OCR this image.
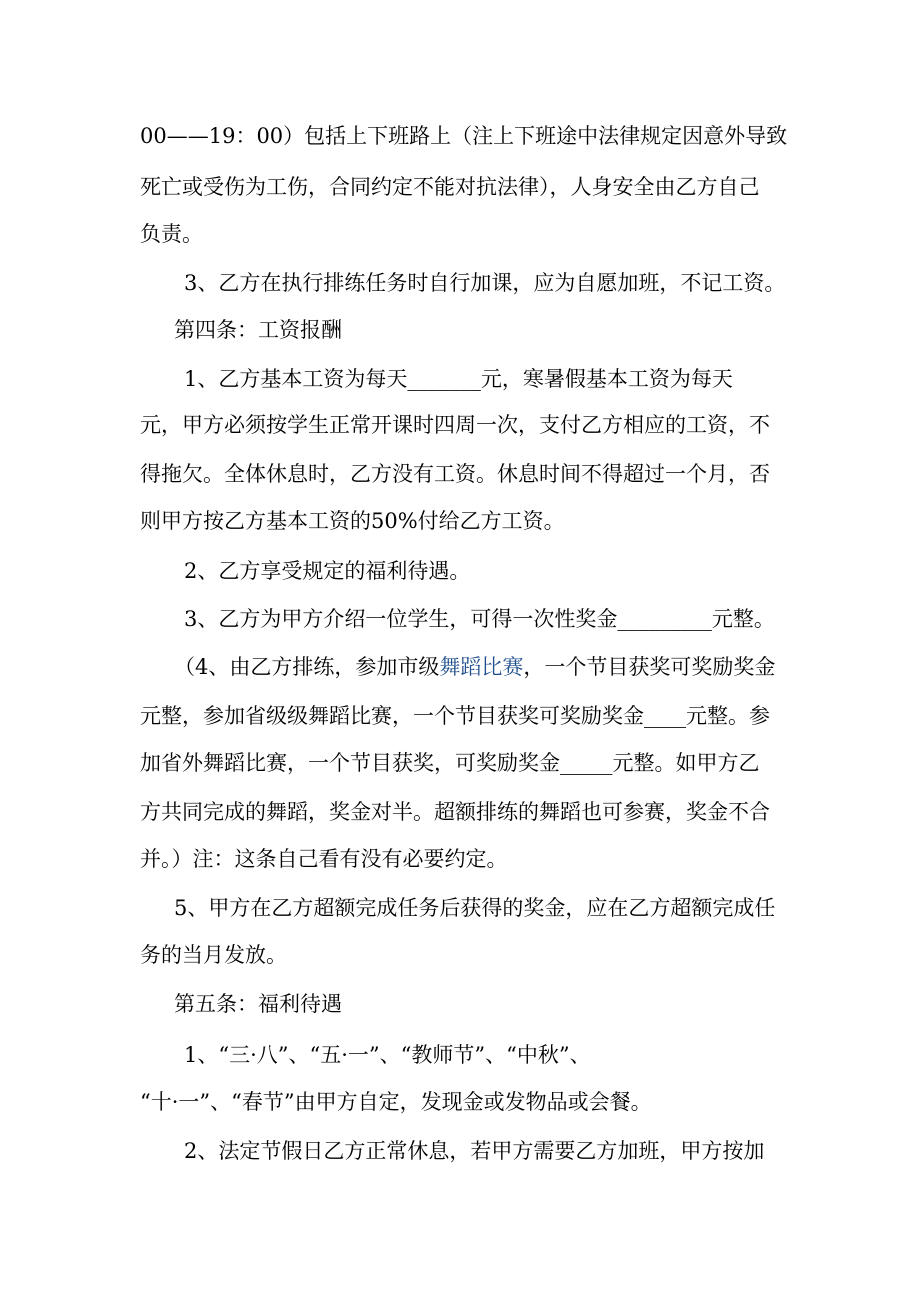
00——19：00）包括上下班路上（注上下班途中法律规定因意外导致
死亡或受伤为工伤，合同约定不能对抗法律），人身安全由乙方自己
负责。
3、乙方在执行排练任务时自行加课，应为自愿加班，不记工资。
第四条：工资报酬
1、乙方基本工资为每天_______元，寒暑假基本工资为每天
元，甲方必须按学生正常开课时四周一次，支付乙方相应的工资，不
得拖欠。全体休息时，乙方没有工资。休息时间不得超过一个月，否
则甲方按乙方基本工资的50%付给乙方工资。
2、乙方享受规定的福利待遇。
3、乙方为甲方介绍一位学生，可得一次性奖金_________元整。
（4、由乙方排练，参加市级舞蹈比赛，一个节目获奖可奖励奖金
元整，参加省级级舞蹈比赛，一个节目获奖可奖励奖金____元整。参
加省外舞蹈比赛，一个节目获奖，可奖励奖金_____元整。如甲方乙
方共同完成的舞蹈，奖金对半。超额排练的舞蹈也可参赛，奖金不合
并。）注：这条自己看有没有必要约定。
5、甲方在乙方超额完成任务后获得的奖金，应在乙方超额完成任
务的当月发放。
第五条：福利待遇
1、“三·八”、“五·一”、“教师节”、“中秋”、
“十·一”、“春节”由甲方自定，发现金或发物品或会餐。
2、法定节假日乙方正常休息，若甲方需要乙方加班，甲方按加
